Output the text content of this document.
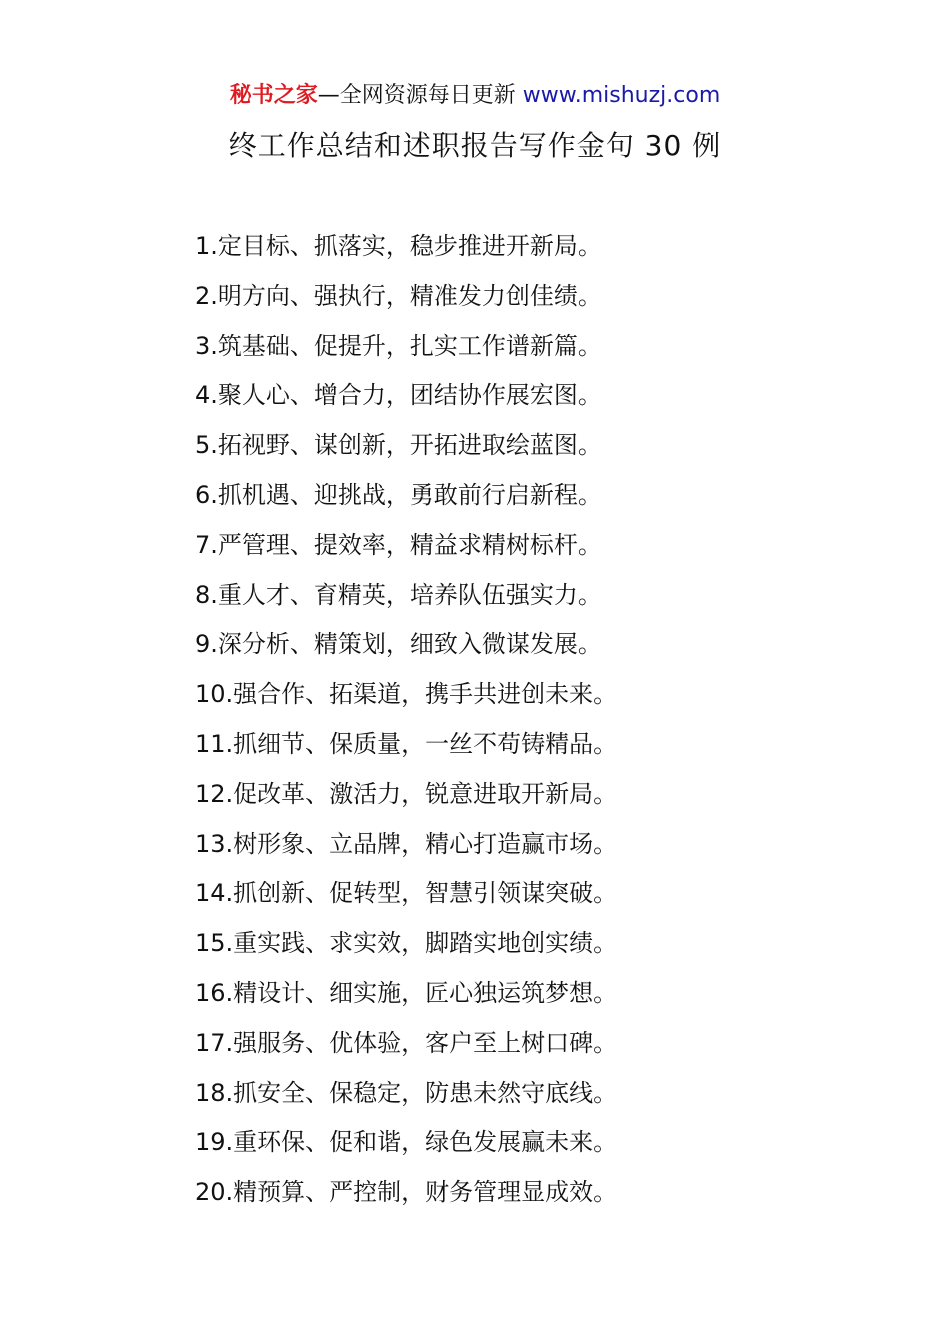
秘书之家—全网资源每日更新 www.mishuzj.com
终工作总结和述职报告写作金句 30 例
1.定目标、抓落实，稳步推进开新局。
2.明方向、强执行，精准发力创佳绩。
3.筑基础、促提升，扎实工作谱新篇。
4.聚人心、增合力，团结协作展宏图。
5.拓视野、谋创新，开拓进取绘蓝图。
6.抓机遇、迎挑战，勇敢前行启新程。
7.严管理、提效率，精益求精树标杆。
8.重人才、育精英，培养队伍强实力。
9.深分析、精策划，细致入微谋发展。
10.强合作、拓渠道，携手共进创未来。
11.抓细节、保质量，一丝不苟铸精品。
12.促改革、激活力，锐意进取开新局。
13.树形象、立品牌，精心打造赢市场。
14.抓创新、促转型，智慧引领谋突破。
15.重实践、求实效，脚踏实地创实绩。
16.精设计、细实施，匠心独运筑梦想。
17.强服务、优体验，客户至上树口碑。
18.抓安全、保稳定，防患未然守底线。
19.重环保、促和谐，绿色发展赢未来。
20.精预算、严控制，财务管理显成效。
